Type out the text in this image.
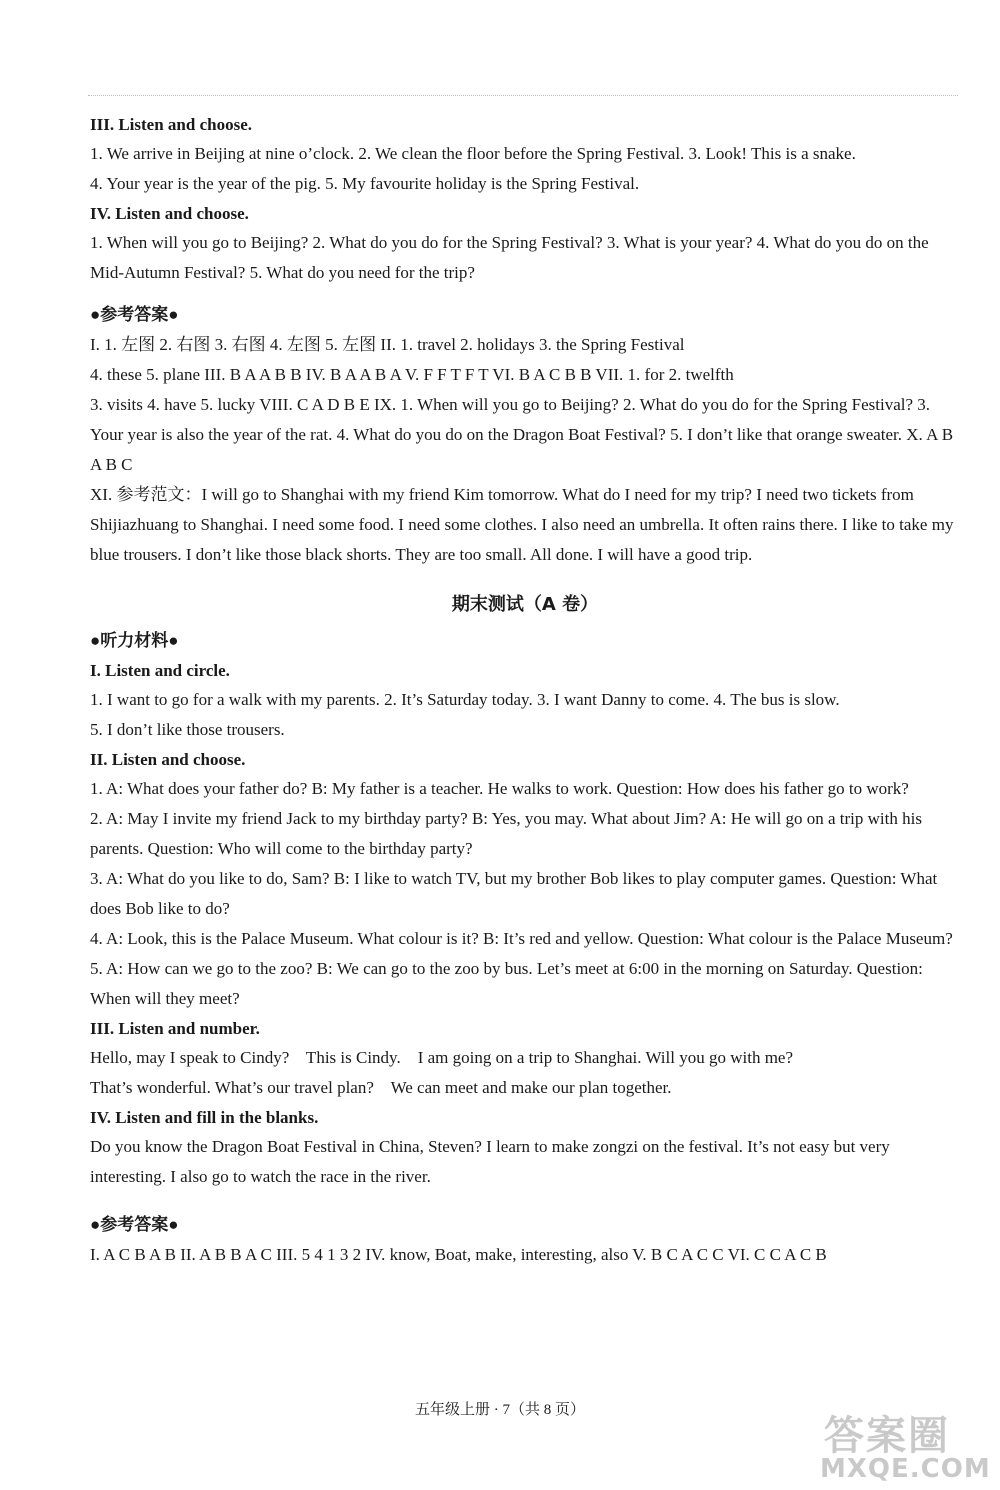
III. Listen and choose.
1. We arrive in Beijing at nine o’clock. 2. We clean the floor before the Spring Festival. 3. Look! This is a snake.
4. Your year is the year of the pig. 5. My favourite holiday is the Spring Festival.
IV. Listen and choose.
1. When will you go to Beijing? 2. What do you do for the Spring Festival? 3. What is your year? 4. What do you do on the Mid-Autumn Festival? 5. What do you need for the trip?
●参考答案●
I. 1. 左图 2. 右图 3. 右图 4. 左图 5. 左图 II. 1. travel 2. holidays 3. the Spring Festival
4. these 5. plane III. B A A B B IV. B A A B A V. F F T F T VI. B A C B B VII. 1. for 2. twelfth
3. visits 4. have 5. lucky VIII. C A D B E IX. 1. When will you go to Beijing? 2. What do you do for the Spring Festival? 3. Your year is also the year of the rat. 4. What do you do on the Dragon Boat Festival? 5. I don’t like that orange sweater. X. A B A B C
XI. 参考范文：I will go to Shanghai with my friend Kim tomorrow. What do I need for my trip? I need two tickets from Shijiazhuang to Shanghai. I need some food. I need some clothes. I also need an umbrella. It often rains there. I like to take my blue trousers. I don’t like those black shorts. They are too small. All done. I will have a good trip.
期末测试（A 卷）
●听力材料●
I. Listen and circle.
1. I want to go for a walk with my parents. 2. It’s Saturday today. 3. I want Danny to come. 4. The bus is slow.
5. I don’t like those trousers.
II. Listen and choose.
1. A: What does your father do? B: My father is a teacher. He walks to work. Question: How does his father go to work?
2. A: May I invite my friend Jack to my birthday party? B: Yes, you may. What about Jim? A: He will go on a trip with his parents. Question: Who will come to the birthday party?
3. A: What do you like to do, Sam? B: I like to watch TV, but my brother Bob likes to play computer games. Question: What does Bob like to do?
4. A: Look, this is the Palace Museum. What colour is it? B: It’s red and yellow. Question: What colour is the Palace Museum?
5. A: How can we go to the zoo? B: We can go to the zoo by bus. Let’s meet at 6:00 in the morning on Saturday. Question: When will they meet?
III. Listen and number.
Hello, may I speak to Cindy?    This is Cindy.    I am going on a trip to Shanghai. Will you go with me?
That’s wonderful. What’s our travel plan?    We can meet and make our plan together.
IV. Listen and fill in the blanks.
Do you know the Dragon Boat Festival in China, Steven? I learn to make zongzi on the festival. It’s not easy but very interesting. I also go to watch the race in the river.
●参考答案●
I. A C B A B II. A B B A C III. 5 4 1 3 2 IV. know, Boat, make, interesting, also V. B C A C C VI. C C A C B
五年级上册 · 7（共 8 页）
答案圈
MXQE.COM
